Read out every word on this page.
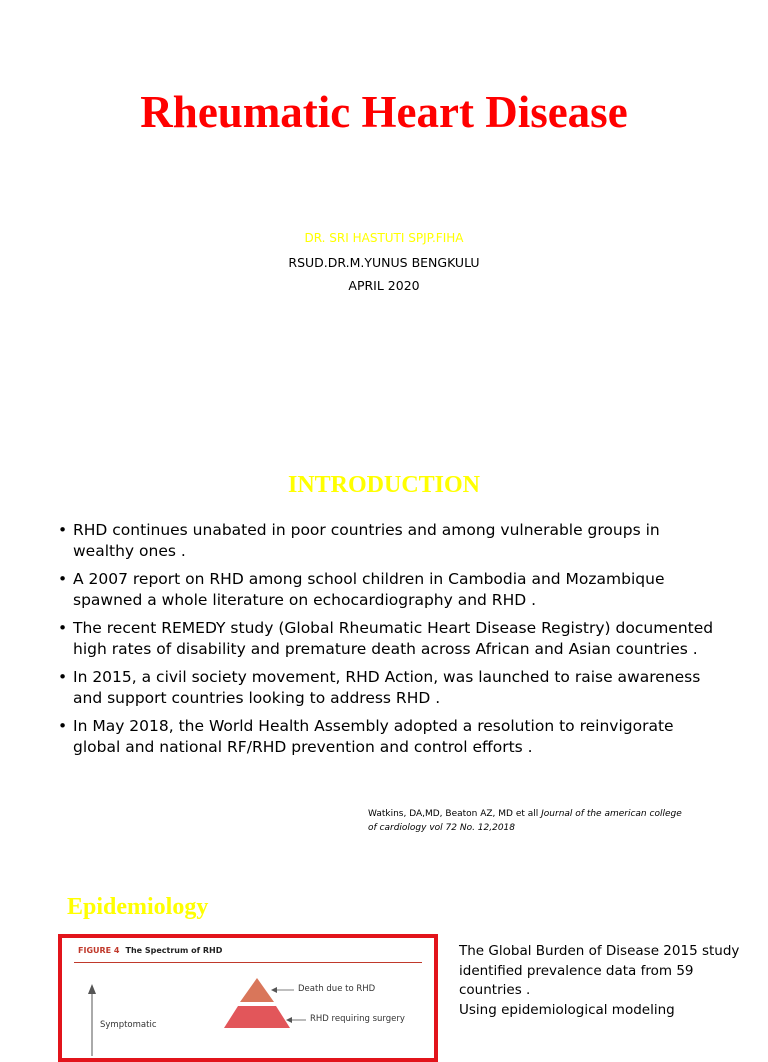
Rheumatic Heart Disease
DR. SRI HASTUTI SPJP.FIHA
RSUD.DR.M.YUNUS BENGKULU
APRIL 2020
INTRODUCTION
• RHD continues unabated in poor countries and among vulnerable groups in wealthy ones .
• A 2007 report on RHD among school children in Cambodia and Mozambique spawned a whole literature on echocardiography and RHD .
• The recent REMEDY study (Global Rheumatic Heart Disease Registry) documented high rates of disability and premature death across African and Asian countries .
• In 2015, a civil society movement, RHD Action, was launched to raise awareness and support countries looking to address RHD .
• In May 2018, the World Health Assembly adopted a resolution to reinvigorate global and national RF/RHD prevention and control efforts .
Watkins, DA,MD, Beaton AZ, MD et all Journal of the american college of cardiology vol 72 No. 12,2018
Epidemiology
FIGURE 4 The Spectrum of RHD
Death due to RHD
RHD requiring surgery
Symptomatic

The Global Burden of Disease 2015 study identified prevalence data from 59 countries .

Using epidemiological modeling
